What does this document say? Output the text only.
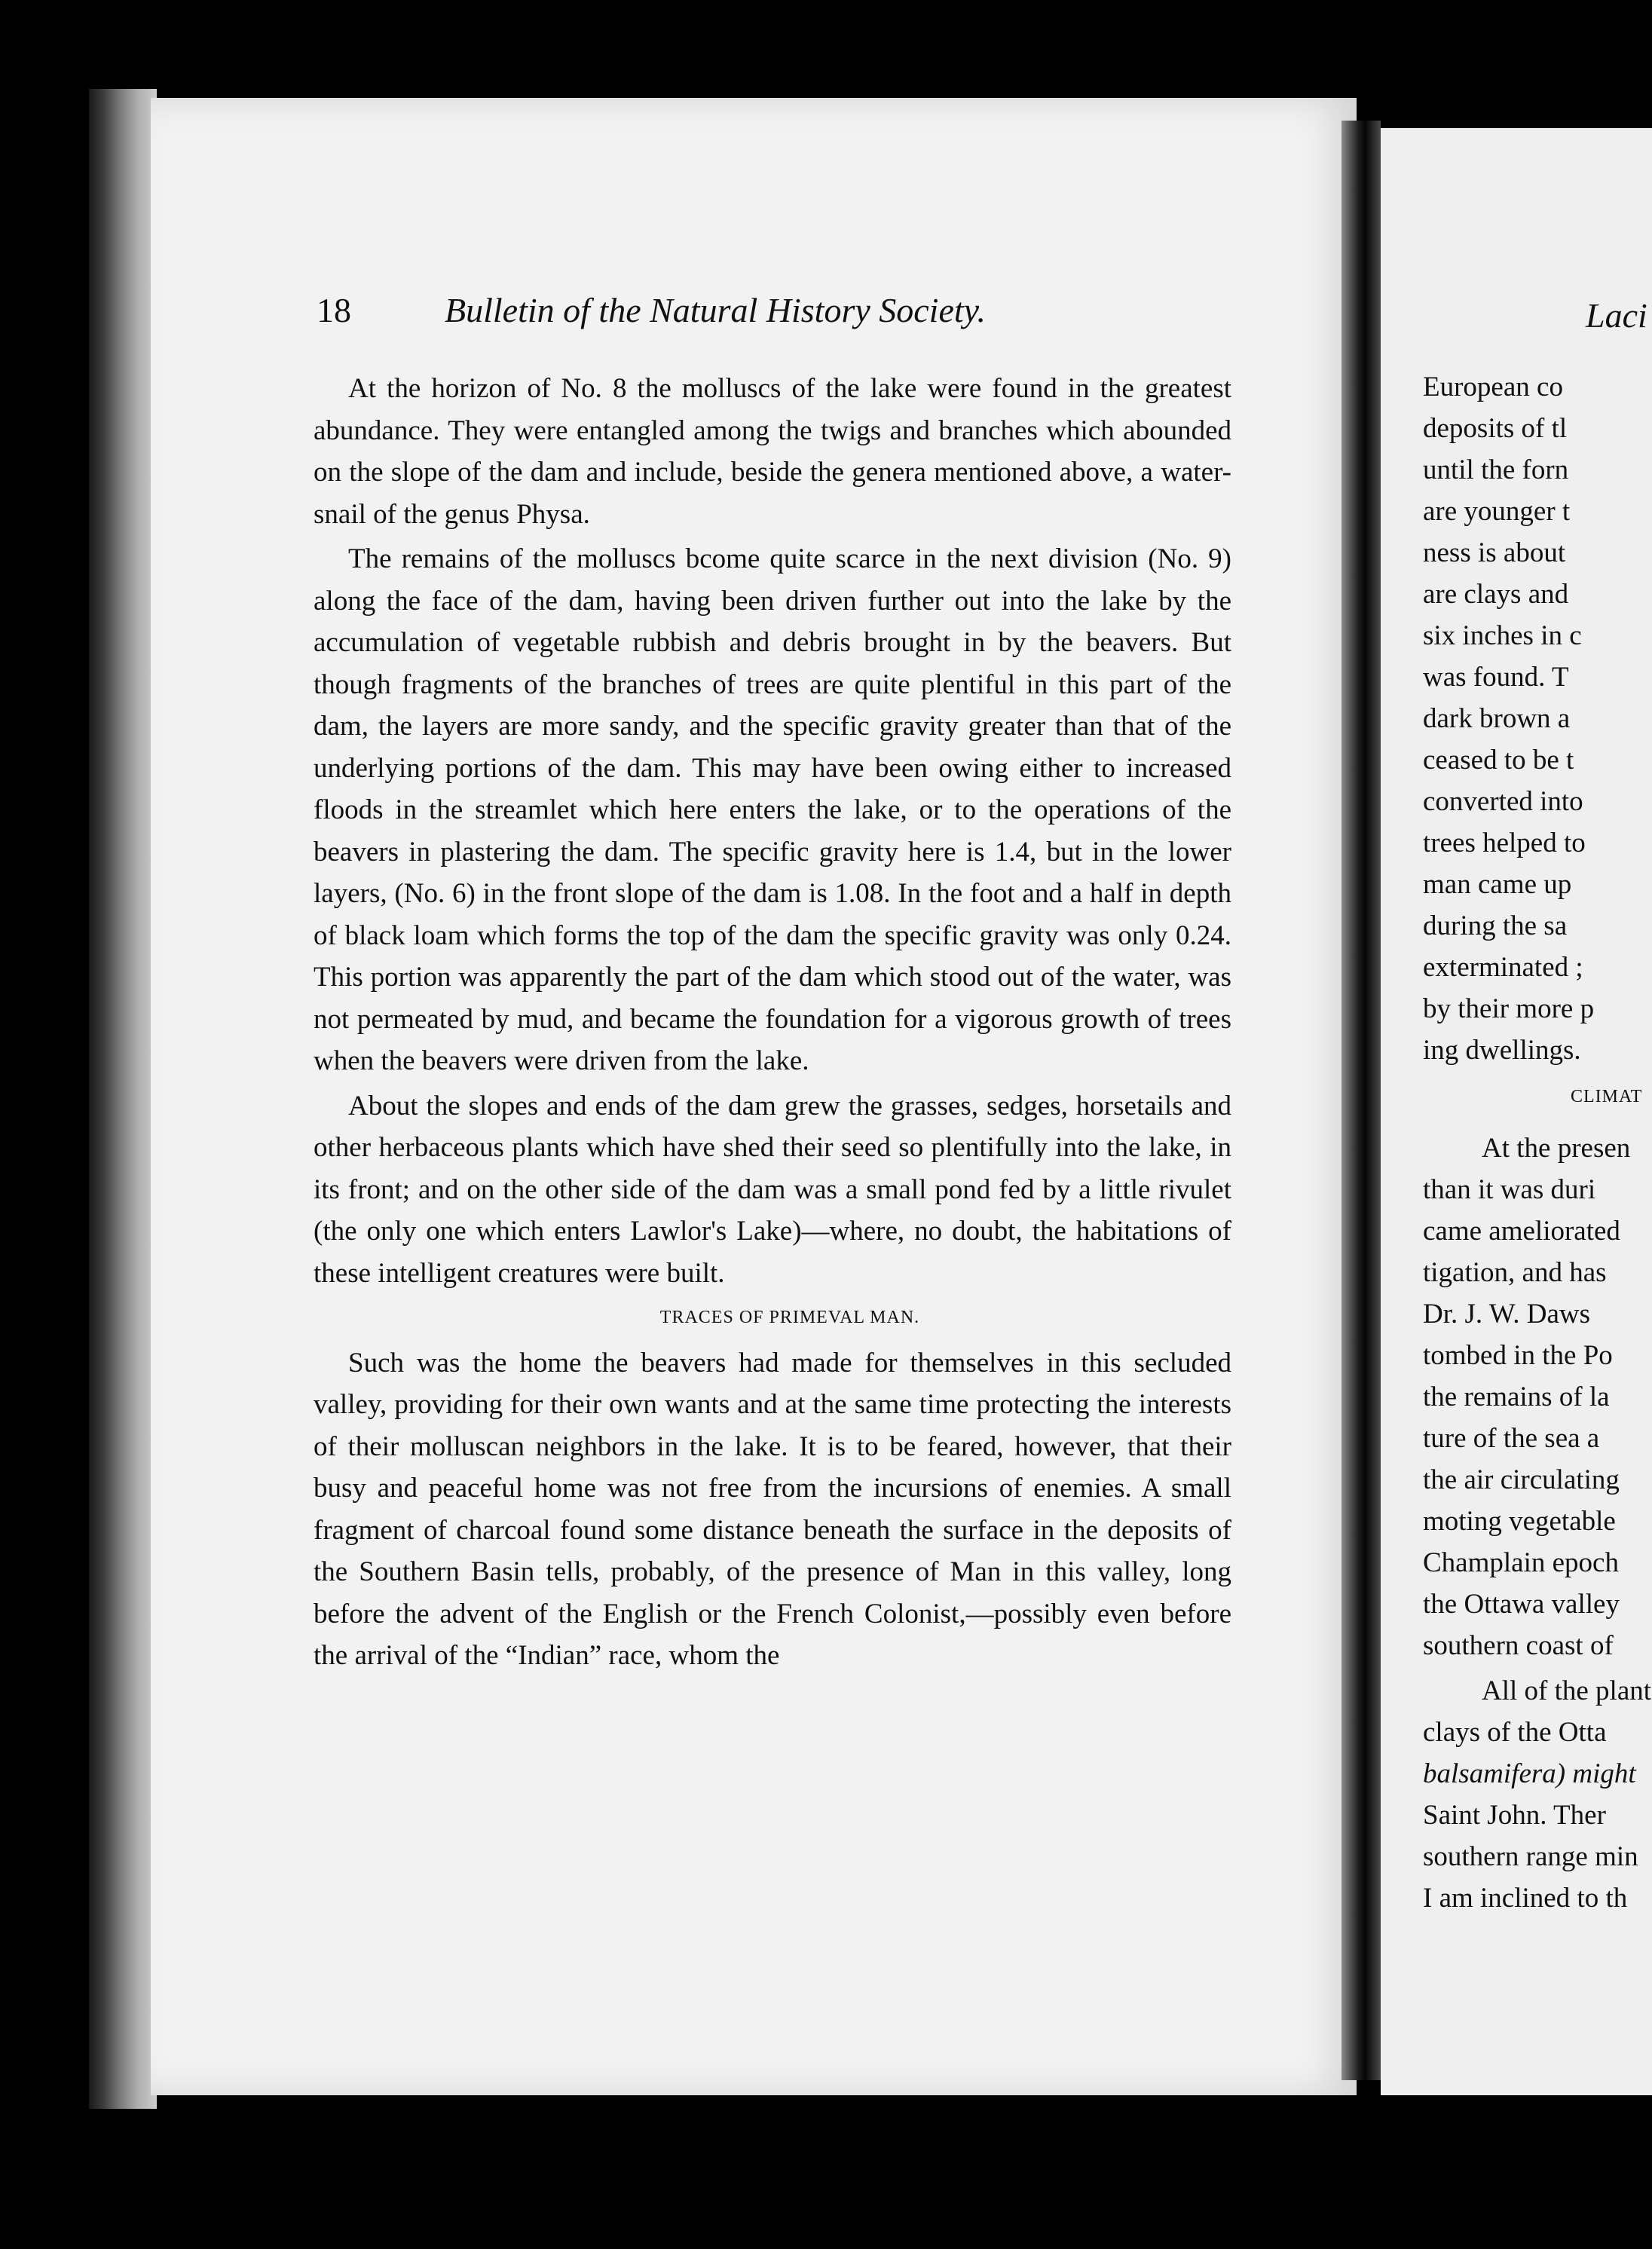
18	Bulletin of the Natural History Society.

At the horizon of No. 8 the molluscs of the lake were found in the greatest abundance. They were entangled among the twigs and branches which abounded on the slope of the dam and include, beside the genera mentioned above, a water-snail of the genus Physa.

The remains of the molluscs bcome quite scarce in the next division (No. 9) along the face of the dam, having been driven further out into the lake by the accumulation of vegetable rubbish and debris brought in by the beavers. But though fragments of the branches of trees are quite plentiful in this part of the dam, the layers are more sandy, and the specific gravity greater than that of the underlying portions of the dam. This may have been owing either to increased floods in the streamlet which here enters the lake, or to the operations of the beavers in plastering the dam. The specific gravity here is 1.4, but in the lower layers, (No. 6) in the front slope of the dam is 1.08. In the foot and a half in depth of black loam which forms the top of the dam the specific gravity was only 0.24. This portion was apparently the part of the dam which stood out of the water, was not permeated by mud, and became the foundation for a vigorous growth of trees when the beavers were driven from the lake.

About the slopes and ends of the dam grew the grasses, sedges, horsetails and other herbaceous plants which have shed their seed so plentifully into the lake, in its front; and on the other side of the dam was a small pond fed by a little rivulet (the only one which enters Lawlor's Lake)—where, no doubt, the habitations of these intelligent creatures were built.

TRACES OF PRIMEVAL MAN.

Such was the home the beavers had made for themselves in this secluded valley, providing for their own wants and at the same time protecting the interests of their molluscan neighbors in the lake. It is to be feared, however, that their busy and peaceful home was not free from the incursions of enemies. A small fragment of charcoal found some distance beneath the surface in the deposits of the Southern Basin tells, probably, of the presence of Man in this valley, long before the advent of the English or the French Colonist,—possibly even before the arrival of the “Indian” race, whom the

Laci
European co
deposits of tl
until the forn
are younger t
ness is about
are clays and
six inches in c
was found. T
dark brown a
ceased to be t
converted into
trees helped to
man came up
during the sa
exterminated ;
by their more p
ing dwellings.
CLIMAT
At the presen
than it was duri
came ameliorated
tigation, and has
Dr. J. W. Daws
tombed in the Po
the remains of la
ture of the sea a
the air circulating
moting vegetable
Champlain epoch
the Ottawa valley
southern coast of
All of the plant
clays of the Otta
balsamifera) might
Saint John. Ther
southern range min
I am inclined to th
